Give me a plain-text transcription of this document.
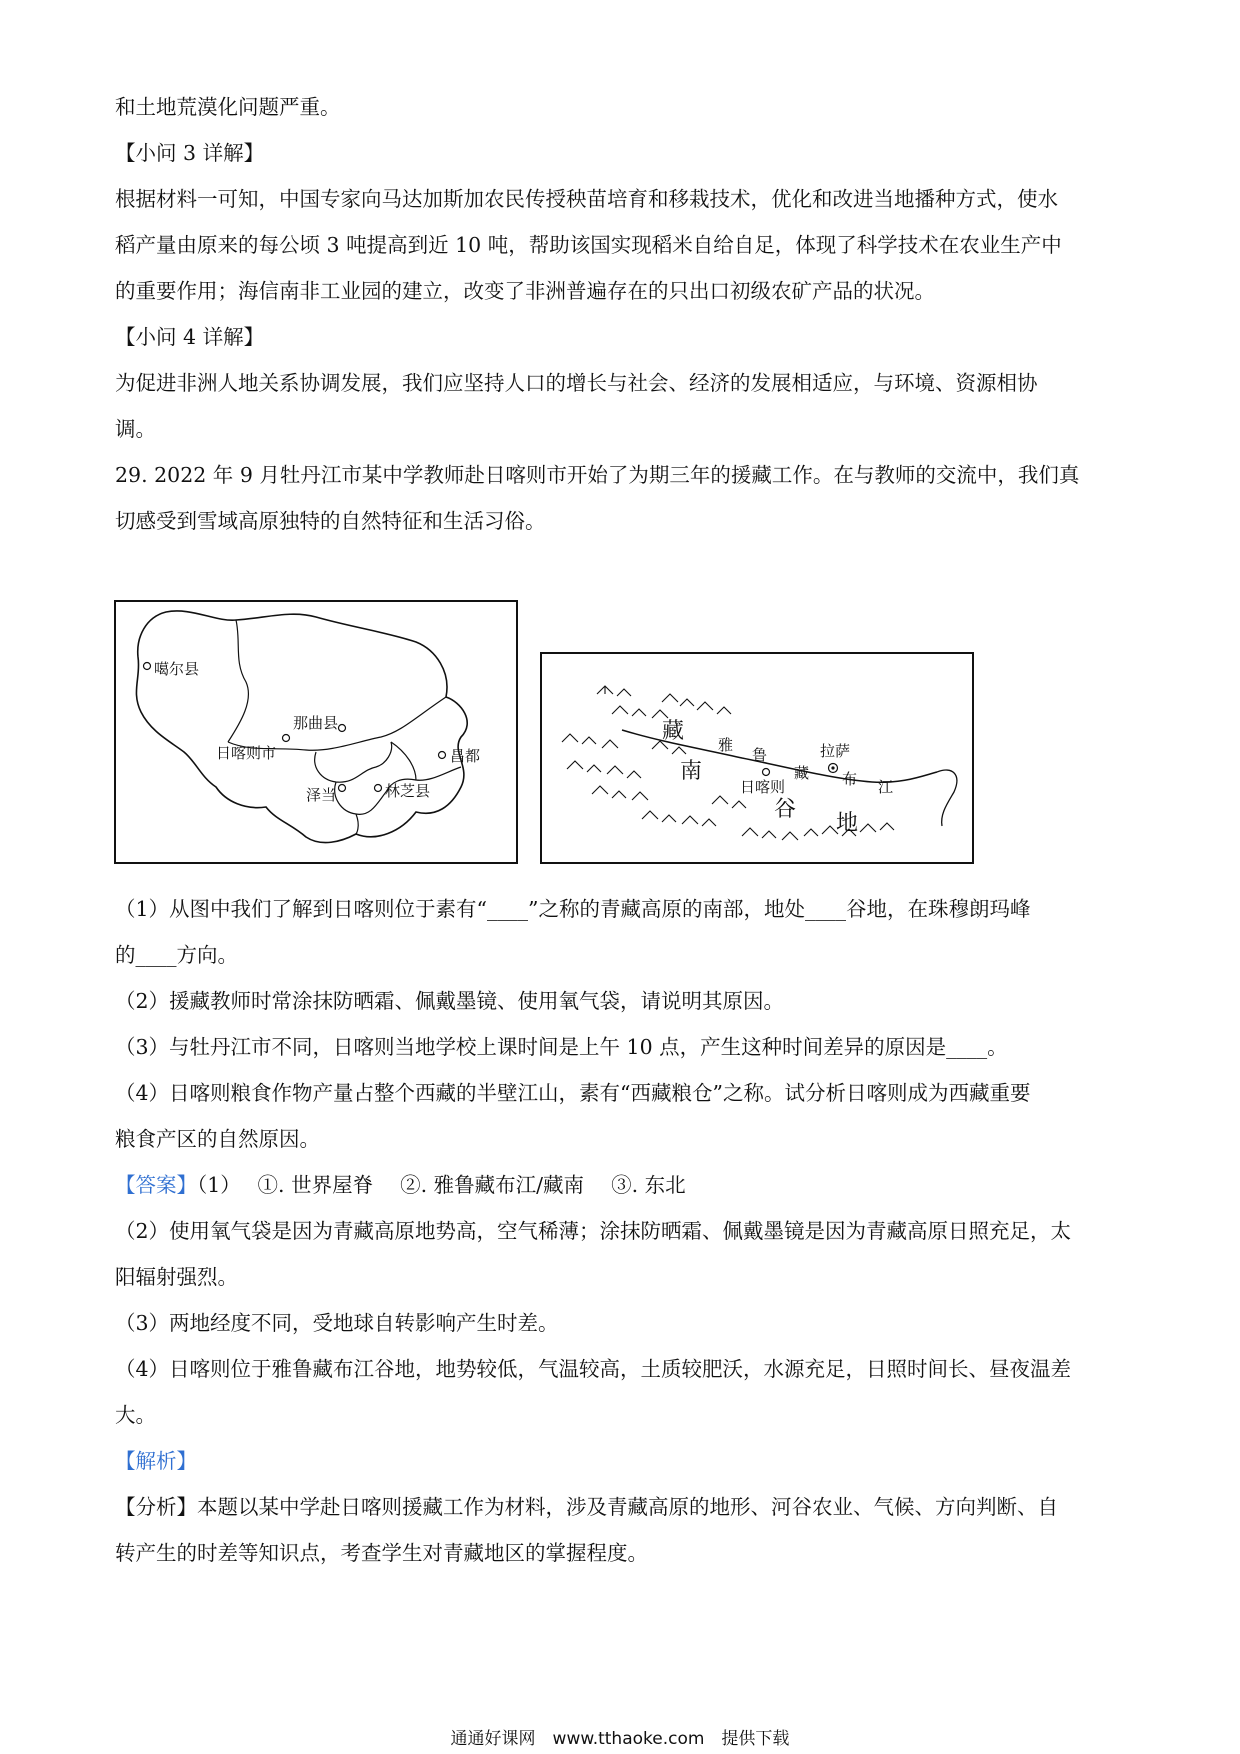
和土地荒漠化问题严重。
【小问 3 详解】
根据材料一可知，中国专家向马达加斯加农民传授秧苗培育和移栽技术，优化和改进当地播种方式，使水
稻产量由原来的每公顷 3 吨提高到近 10 吨，帮助该国实现稻米自给自足，体现了科学技术在农业生产中
的重要作用；海信南非工业园的建立，改变了非洲普遍存在的只出口初级农矿产品的状况。
【小问 4 详解】
为促进非洲人地关系协调发展，我们应坚持人口的增长与社会、经济的发展相适应，与环境、资源相协
调。
29. 2022 年 9 月牡丹江市某中学教师赴日喀则市开始了为期三年的援藏工作。在与教师的交流中，我们真
切感受到雪域高原独特的自然特征和生活习俗。
噶尔县
那曲县
日喀则市	昌都
泽当	林芝县
藏
南
谷
地
雅
鲁
藏 布 江
拉萨
日喀则
（1）从图中我们了解到日喀则位于素有“____”之称的青藏高原的南部，地处____谷地，在珠穆朗玛峰
的____方向。
（2）援藏教师时常涂抹防晒霜、佩戴墨镜、使用氧气袋，请说明其原因。
（3）与牡丹江市不同，日喀则当地学校上课时间是上午 10 点，产生这种时间差异的原因是____。
（4）日喀则粮食作物产量占整个西藏的半壁江山，素有“西藏粮仓”之称。试分析日喀则成为西藏重要
粮食产区的自然原因。
【答案】（1）　 ①. 世界屋脊　 ②. 雅鲁藏布江/藏南　 ③. 东北
（2）使用氧气袋是因为青藏高原地势高，空气稀薄；涂抹防晒霜、佩戴墨镜是因为青藏高原日照充足，太
阳辐射强烈。
（3）两地经度不同，受地球自转影响产生时差。
（4）日喀则位于雅鲁藏布江谷地，地势较低，气温较高，土质较肥沃，水源充足，日照时间长、昼夜温差
大。
【解析】
【分析】本题以某中学赴日喀则援藏工作为材料，涉及青藏高原的地形、河谷农业、气候、方向判断、自
转产生的时差等知识点，考查学生对青藏地区的掌握程度。
通通好课网　www.tthaoke.com　提供下载
